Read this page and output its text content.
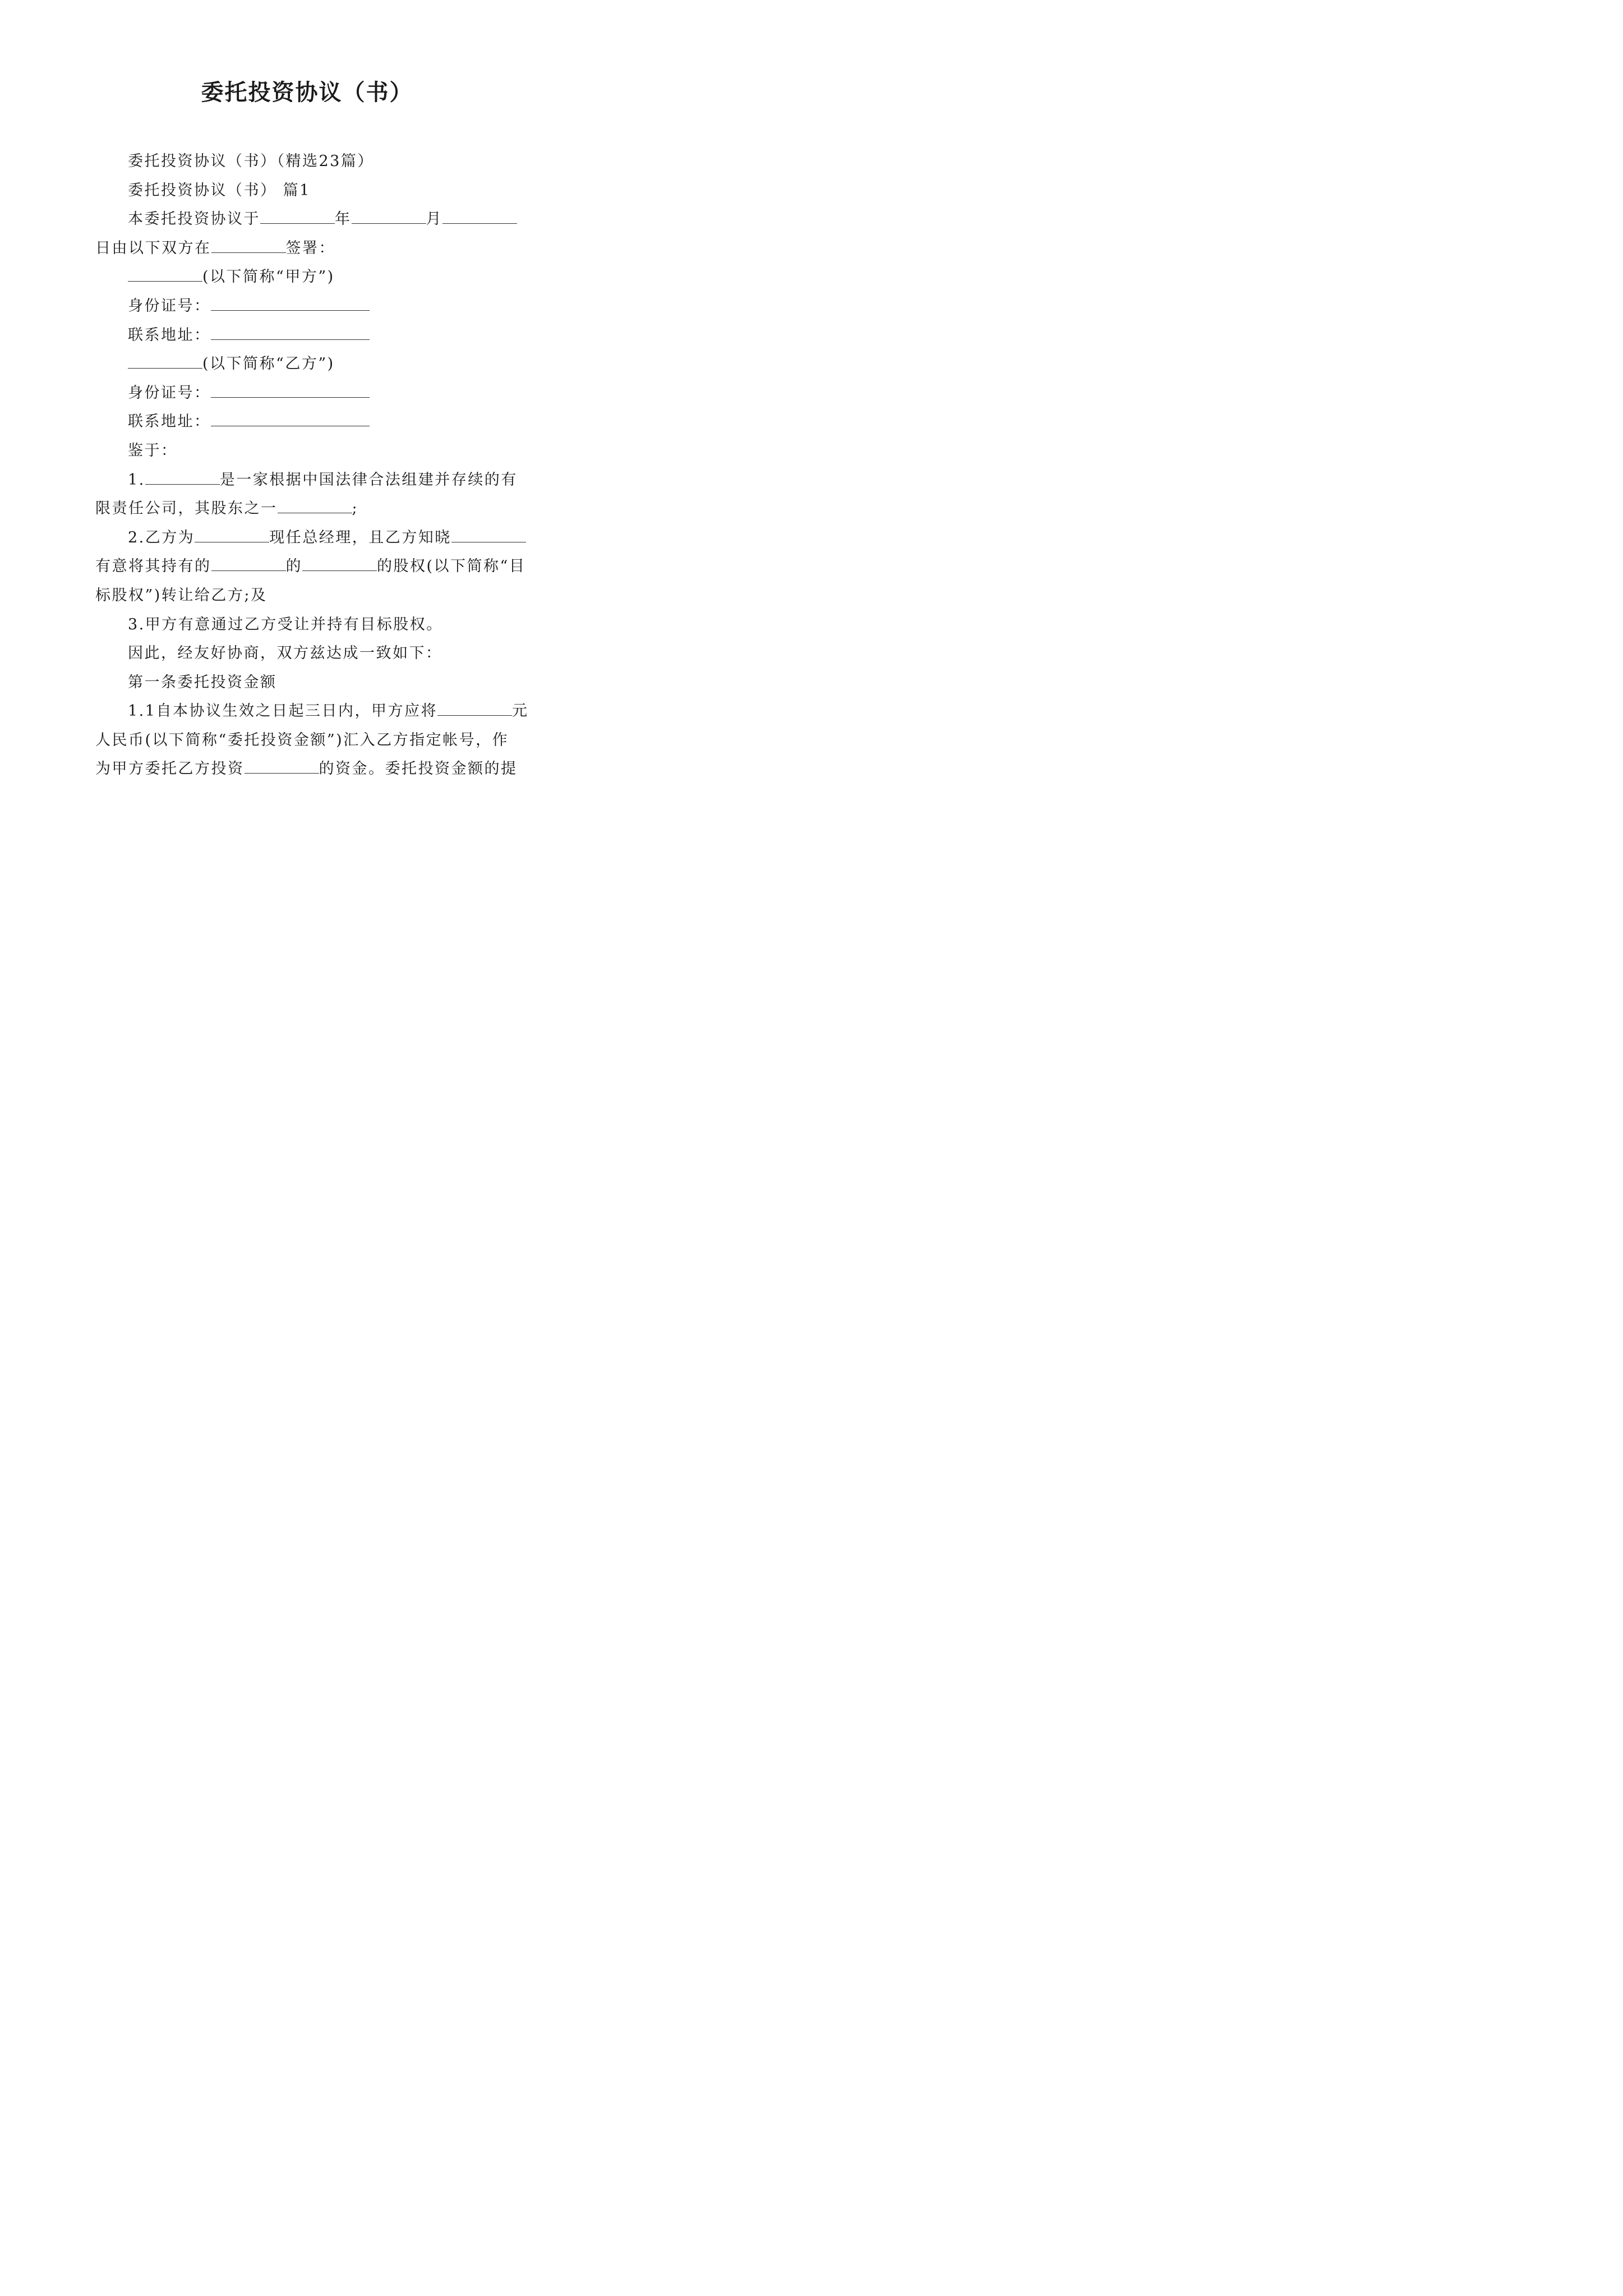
委托投资协议（书）

委托投资协议（书）（精选23篇）

委托投资协议（书） 篇1

本委托投资协议于	年	月

日由以下双方在	签署：

(以下简称“甲方”)

身份证号：

联系地址：

(以下简称“乙方”)

身份证号：

联系地址：

鉴于：

1.	是一家根据中国法律合法组建并存续的有

限责任公司，其股东之一	;

2.乙方为	现任总经理，且乙方知晓

有意将其持有的	的	的股权(以下简称“目

标股权”)转让给乙方;及

3.甲方有意通过乙方受让并持有目标股权。

因此，经友好协商，双方兹达成一致如下：

第一条委托投资金额

1.1自本协议生效之日起三日内，甲方应将	元

人民币(以下简称“委托投资金额”)汇入乙方指定帐号，作

为甲方委托乙方投资	的资金。委托投资金额的提
